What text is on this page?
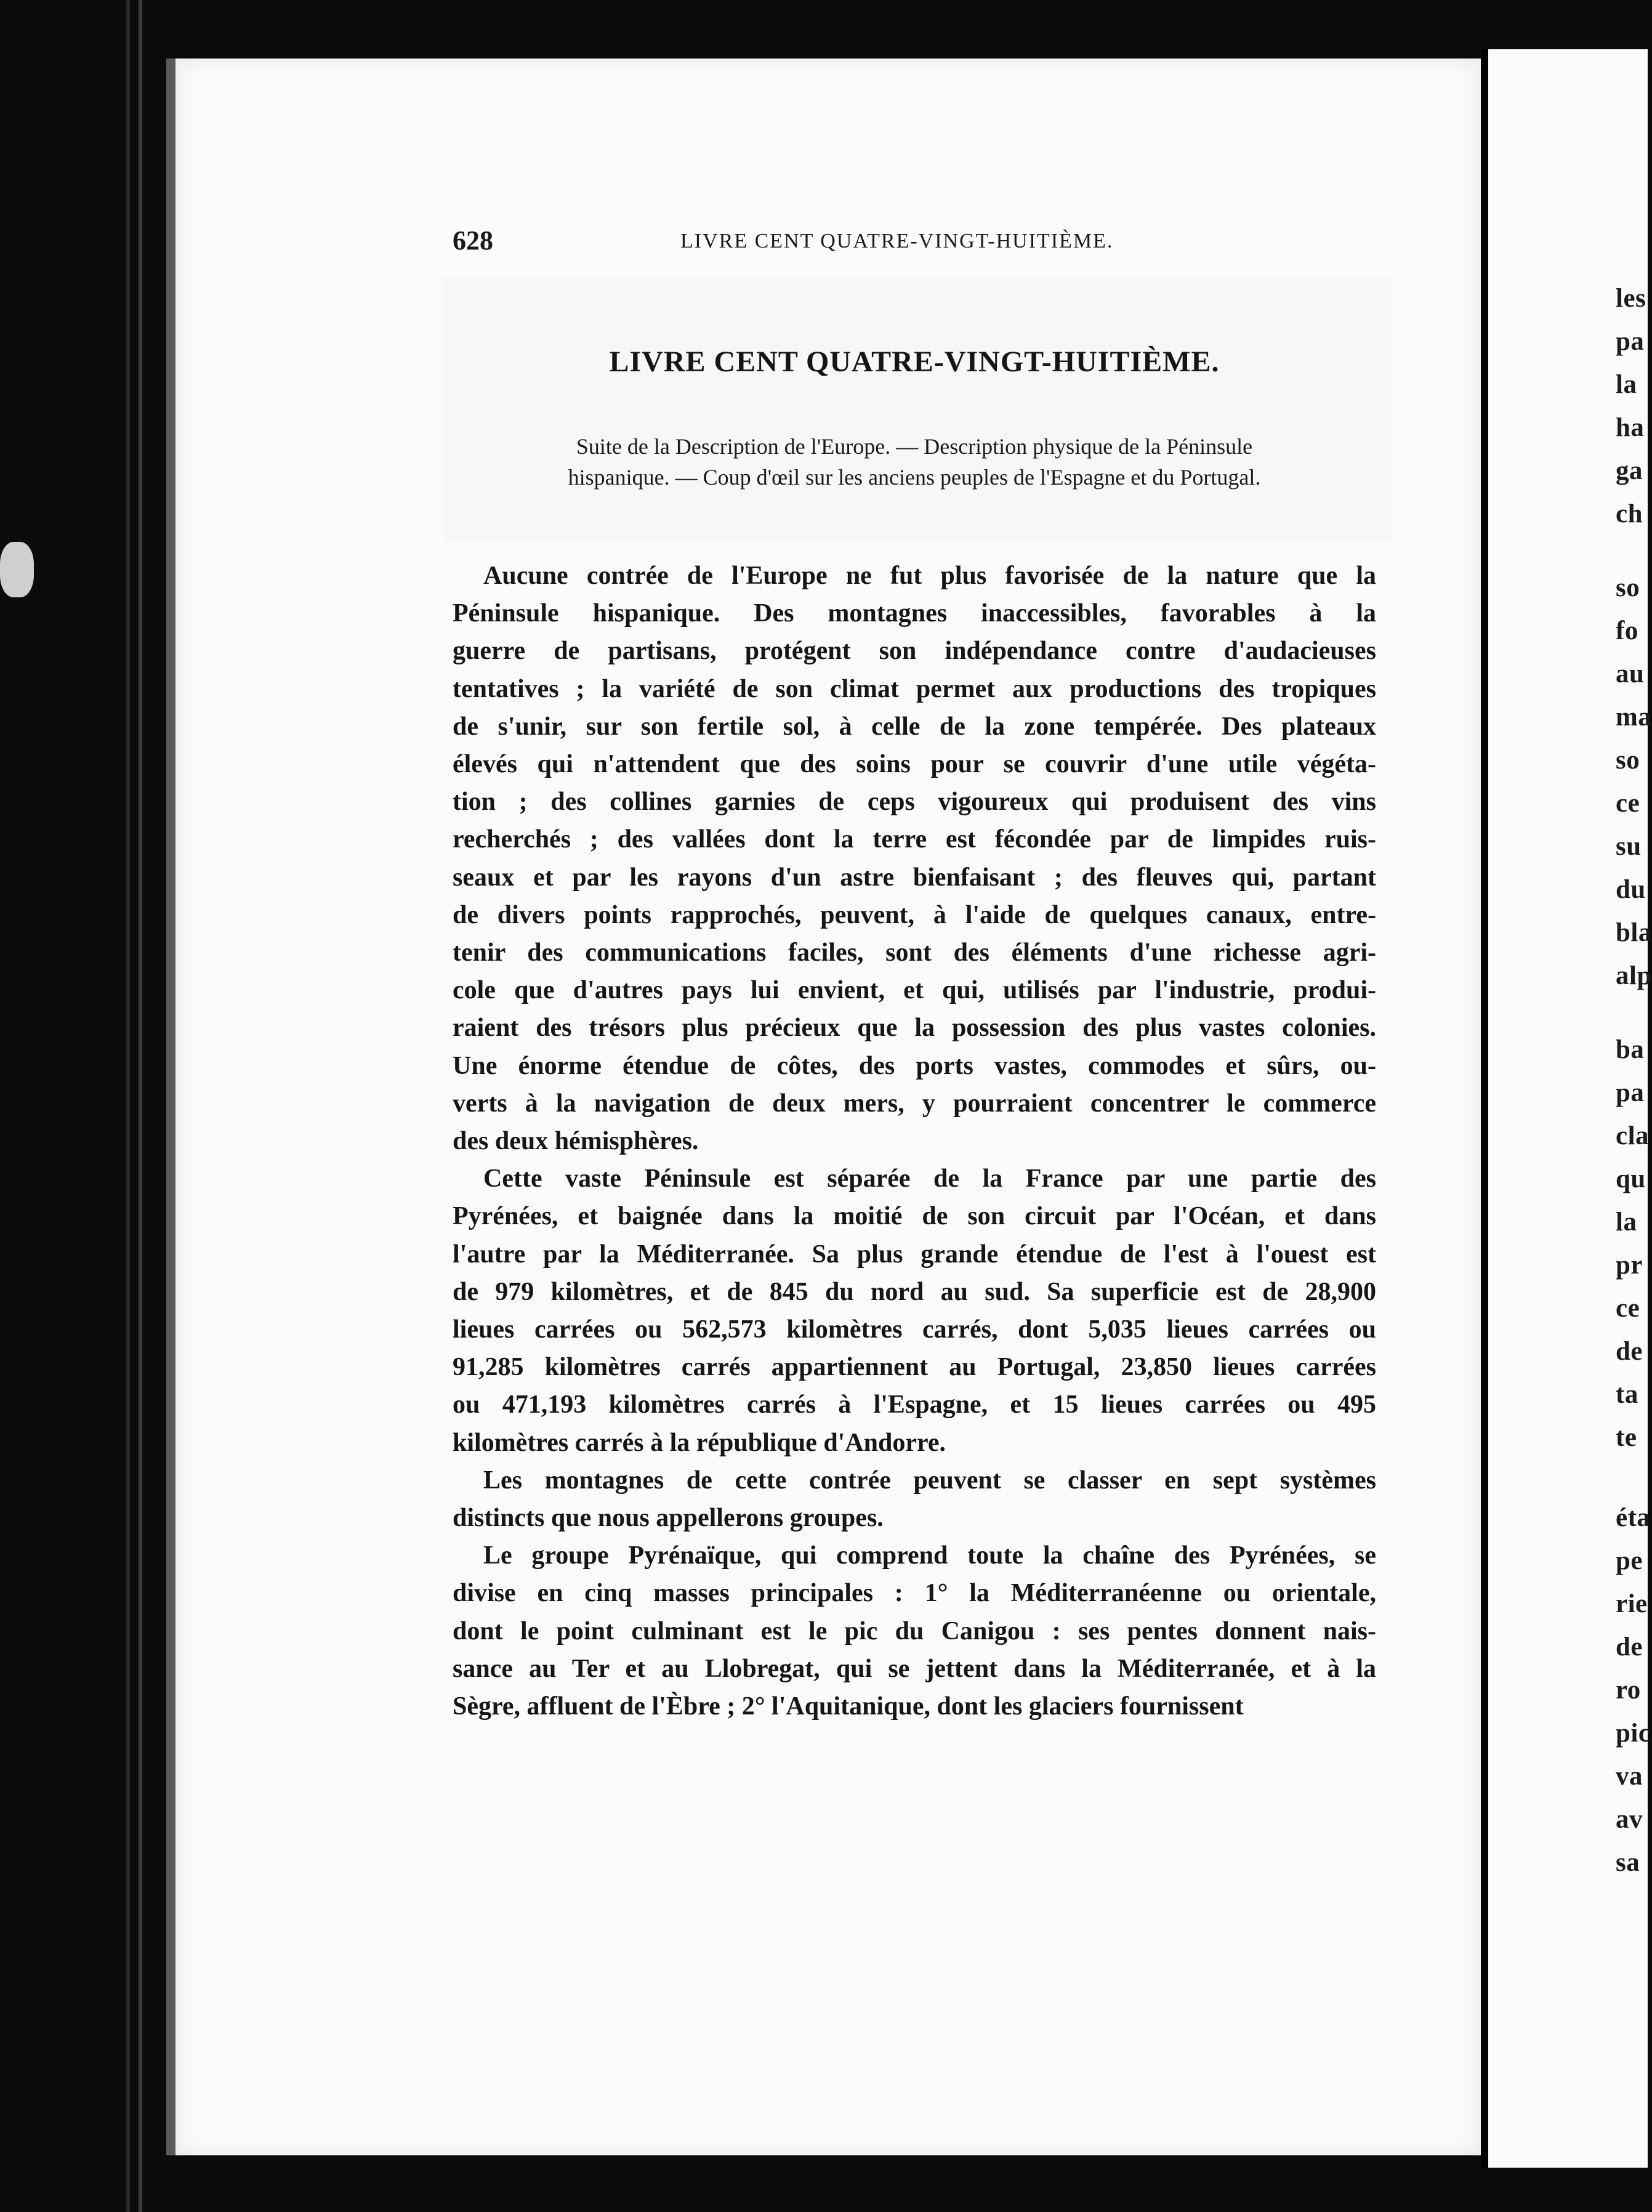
les
pa
la
ha
ga
ch
so
fo
au
ma
so
ce
su
du
bla
alp
ba
pa
cla
qu
la
pr
ce
de
ta
te
éta
pe
rie
de
ro
pic
va
av
sa
628	LIVRE CENT QUATRE-VINGT-HUITIÈME.
LIVRE CENT QUATRE-VINGT-HUITIÈME.
Suite de la Description de l'Europe. — Description physique de la Péninsule
hispanique. — Coup d'œil sur les anciens peuples de l'Espagne et du Portugal.
Aucune contrée de l'Europe ne fut plus favorisée de la nature que la
Péninsule hispanique. Des montagnes inaccessibles, favorables à la
guerre de partisans, protégent son indépendance contre d'audacieuses
tentatives ; la variété de son climat permet aux productions des tropiques
de s'unir, sur son fertile sol, à celle de la zone tempérée. Des plateaux
élevés qui n'attendent que des soins pour se couvrir d'une utile végéta-
tion ; des collines garnies de ceps vigoureux qui produisent des vins
recherchés ; des vallées dont la terre est fécondée par de limpides ruis-
seaux et par les rayons d'un astre bienfaisant ; des fleuves qui, partant
de divers points rapprochés, peuvent, à l'aide de quelques canaux, entre-
tenir des communications faciles, sont des éléments d'une richesse agri-
cole que d'autres pays lui envient, et qui, utilisés par l'industrie, produi-
raient des trésors plus précieux que la possession des plus vastes colonies.
Une énorme étendue de côtes, des ports vastes, commodes et sûrs, ou-
verts à la navigation de deux mers, y pourraient concentrer le commerce
des deux hémisphères.
Cette vaste Péninsule est séparée de la France par une partie des
Pyrénées, et baignée dans la moitié de son circuit par l'Océan, et dans
l'autre par la Méditerranée. Sa plus grande étendue de l'est à l'ouest est
de 979 kilomètres, et de 845 du nord au sud. Sa superficie est de 28,900
lieues carrées ou 562,573 kilomètres carrés, dont 5,035 lieues carrées ou
91,285 kilomètres carrés appartiennent au Portugal, 23,850 lieues carrées
ou 471,193 kilomètres carrés à l'Espagne, et 15 lieues carrées ou 495
kilomètres carrés à la république d'Andorre.
Les montagnes de cette contrée peuvent se classer en sept systèmes
distincts que nous appellerons groupes.
Le groupe Pyrénaïque, qui comprend toute la chaîne des Pyrénées, se
divise en cinq masses principales : 1° la Méditerranéenne ou orientale,
dont le point culminant est le pic du Canigou : ses pentes donnent nais-
sance au Ter et au Llobregat, qui se jettent dans la Méditerranée, et à la
Sègre, affluent de l'Èbre ; 2° l'Aquitanique, dont les glaciers fournissent
